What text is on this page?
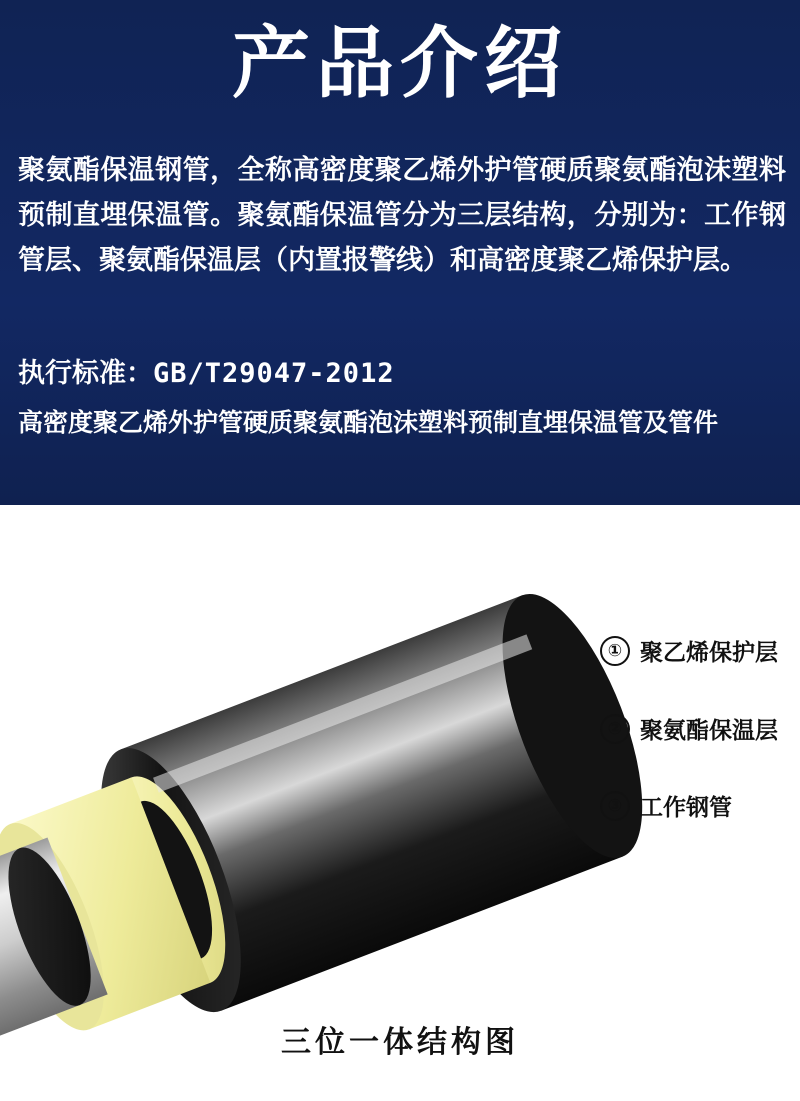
产品介绍
聚氨酯保温钢管，全称高密度聚乙烯外护管硬质聚氨酯泡沫塑料预制直埋保温管。聚氨酯保温管分为三层结构，分别为：工作钢管层、聚氨酯保温层（内置报警线）和高密度聚乙烯保护层。
执行标准：GB/T29047-2012
高密度聚乙烯外护管硬质聚氨酯泡沫塑料预制直埋保温管及管件
三位一体结构图
① 聚乙烯保护层
② 聚氨酯保温层
③ 工作钢管
